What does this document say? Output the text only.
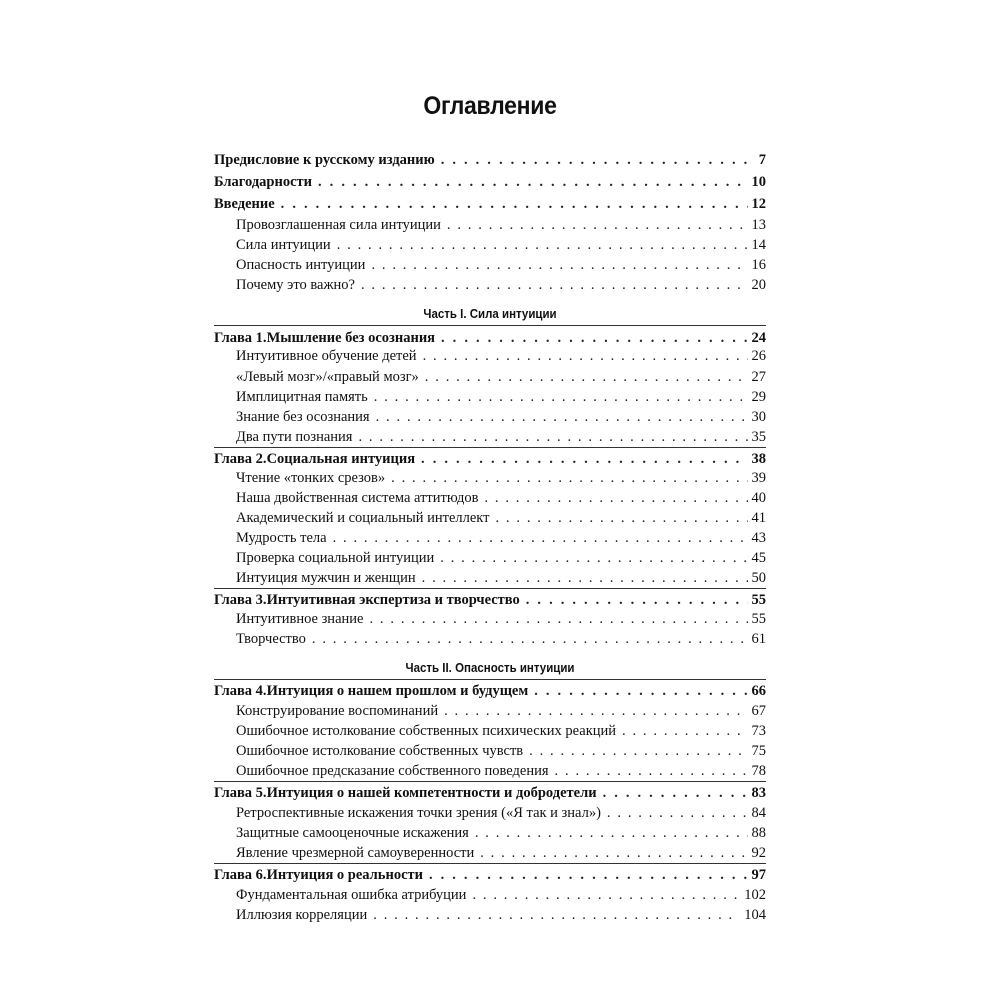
Оглавление
Предисловие к русскому изданию . . .	7
Благодарности . . .	10
Введение . . .	12
Провозглашенная сила интуиции . . .	13
Сила интуиции . . .	14
Опасность интуиции . . .	16
Почему это важно? . . .	20
Часть I. Сила интуиции
Глава 1. Мышление без осознания . . .	24
Интуитивное обучение детей . . .	26
«Левый мозг»/«правый мозг» . . .	27
Имплицитная память . . .	29
Знание без осознания . . .	30
Два пути познания . . .	35
Глава 2. Социальная интуиция . . .	38
Чтение «тонких срезов» . . .	39
Наша двойственная система аттитюдов . . .	40
Академический и социальный интеллект . . .	41
Мудрость тела . . .	43
Проверка социальной интуиции . . .	45
Интуиция мужчин и женщин . . .	50
Глава 3. Интуитивная экспертиза и творчество . . .	55
Интуитивное знание . . .	55
Творчество . . .	61
Часть II. Опасность интуиции
Глава 4. Интуиция о нашем прошлом и будущем . . .	66
Конструирование воспоминаний . . .	67
Ошибочное истолкование собственных психических реакций . . .	73
Ошибочное истолкование собственных чувств . . .	75
Ошибочное предсказание собственного поведения . . .	78
Глава 5. Интуиция о нашей компетентности и добродетели . . .	83
Ретроспективные искажения точки зрения («Я так и знал») . . .	84
Защитные самооценочные искажения . . .	88
Явление чрезмерной самоуверенности . . .	92
Глава 6. Интуиция о реальности . . .	97
Фундаментальная ошибка атрибуции . . .	102
Иллюзия корреляции . . .	104
